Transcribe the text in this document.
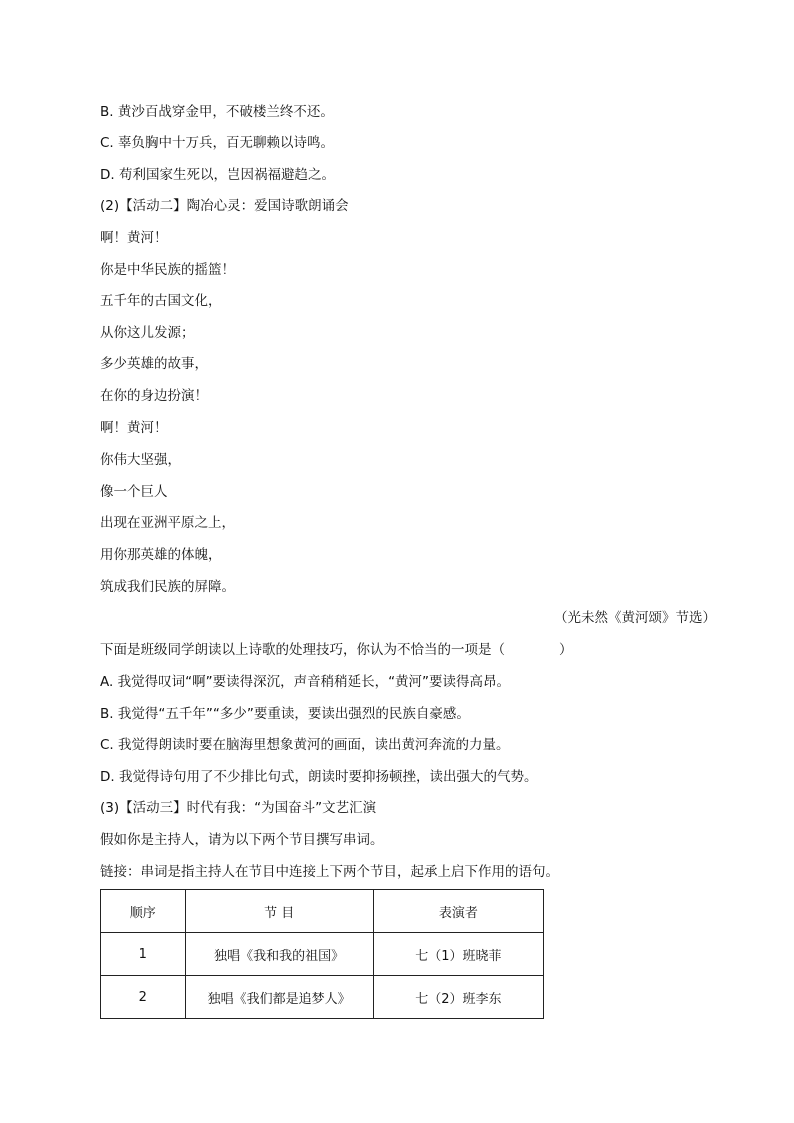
B. 黄沙百战穿金甲，不破楼兰终不还。
C. 辜负胸中十万兵，百无聊赖以诗鸣。
D. 苟利国家生死以，岂因祸福避趋之。
(2)【活动二】陶冶心灵：爱国诗歌朗诵会
啊！黄河！
你是中华民族的摇篮！
五千年的古国文化，
从你这儿发源；
多少英雄的故事，
在你的身边扮演！
啊！黄河！
你伟大坚强，
像一个巨人
出现在亚洲平原之上，
用你那英雄的体魄，
筑成我们民族的屏障。
（光未然《黄河颂》节选）
下面是班级同学朗读以上诗歌的处理技巧，你认为不恰当的一项是（　　　　）
A. 我觉得叹词“啊”要读得深沉，声音稍稍延长，“黄河”要读得高昂。
B. 我觉得“五千年”“多少”要重读，要读出强烈的民族自豪感。
C. 我觉得朗读时要在脑海里想象黄河的画面，读出黄河奔流的力量。
D. 我觉得诗句用了不少排比句式，朗读时要抑扬顿挫，读出强大的气势。
(3)【活动三】时代有我：“为国奋斗”文艺汇演
假如你是主持人，请为以下两个节目撰写串词。
链接：串词是指主持人在节目中连接上下两个节目，起承上启下作用的语句。
顺序	节 目	表演者
1	独唱《我和我的祖国》	七（1）班晓菲
2	独唱《我们都是追梦人》	七（2）班李东
